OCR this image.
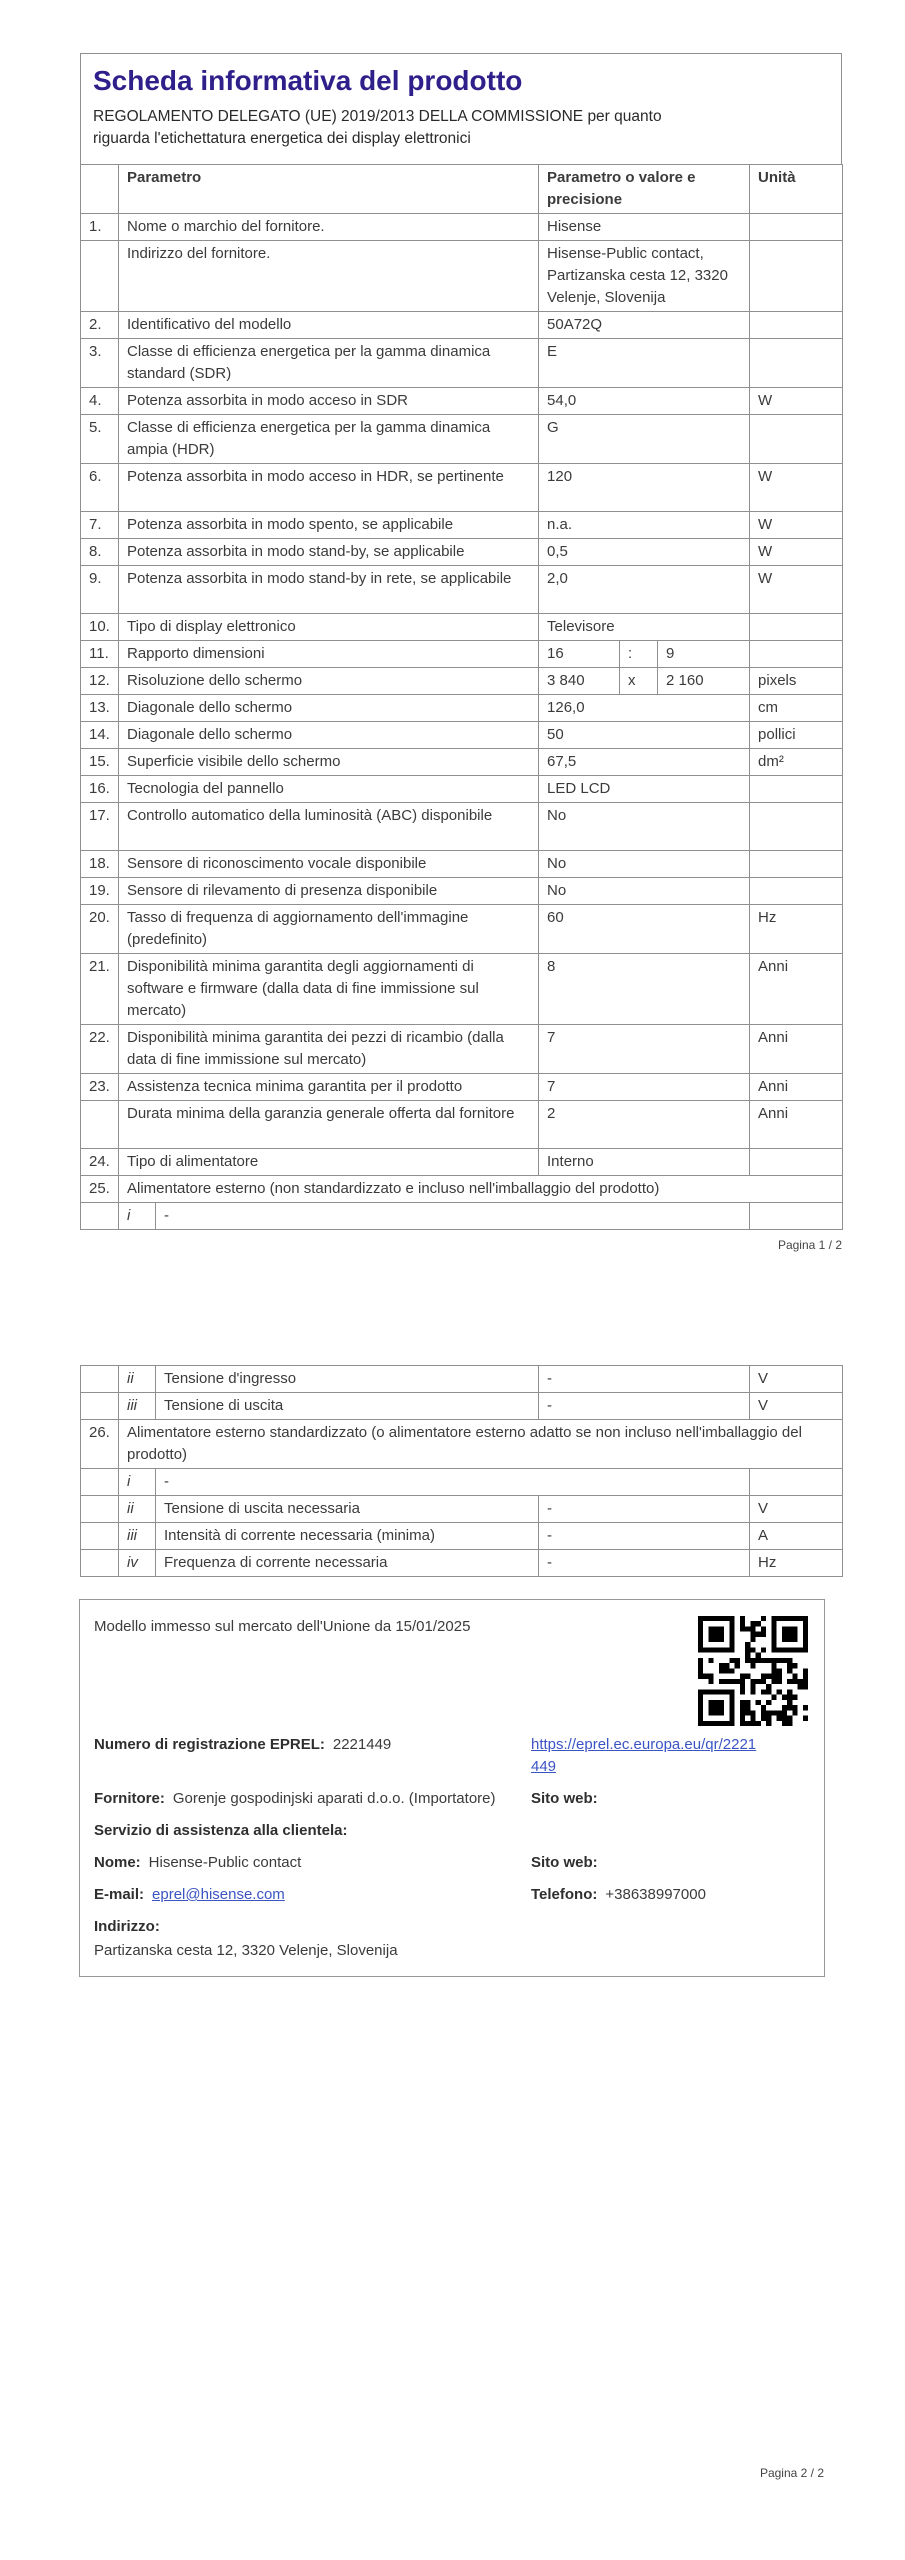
Scheda informativa del prodotto
REGOLAMENTO DELEGATO (UE) 2019/2013 DELLA COMMISSIONE per quanto riguarda l'etichettatura energetica dei display elettronici
	Parametro		Parametro o valore e precisione			Unità
1.	Nome o marchio del fornitore.		Hisense			
	Indirizzo del fornitore.		Hisense-Public contact, Partizanska cesta 12, 3320 Velenje, Slovenija			
2.	Identificativo del modello		50A72Q			
3.	Classe di efficienza energetica per la gamma dinamica standard (SDR)		E			
4.	Potenza assorbita in modo acceso in SDR		54,0			W
5.	Classe di efficienza energetica per la gamma dinamica ampia (HDR)		G			
6.	Potenza assorbita in modo acceso in HDR, se pertinente		120			W
7.	Potenza assorbita in modo spento, se applicabile		n.a.			W
8.	Potenza assorbita in modo stand-by, se applicabile		0,5			W
9.	Potenza assorbita in modo stand-by in rete, se applicabile		2,0			W
10.	Tipo di display elettronico		Televisore			
11.	Rapporto dimensioni		16	:	9	
12.	Risoluzione dello schermo		3 840	x	2 160	pixels
13.	Diagonale dello schermo		126,0			cm
14.	Diagonale dello schermo		50			pollici
15.	Superficie visibile dello schermo		67,5			dm²
16.	Tecnologia del pannello		LED LCD			
17.	Controllo automatico della luminosità (ABC) disponibile		No			
18.	Sensore di riconoscimento vocale disponibile		No			
19.	Sensore di rilevamento di presenza disponibile		No			
20.	Tasso di frequenza di aggiornamento dell'immagine (predefinito)		60			Hz
21.	Disponibilità minima garantita degli aggiornamenti di software e firmware (dalla data di fine immissione sul mercato)		8			Anni
22.	Disponibilità minima garantita dei pezzi di ricambio (dalla data di fine immissione sul mercato)		7			Anni
23.	Assistenza tecnica minima garantita per il prodotto		7			Anni
	Durata minima della garanzia generale offerta dal fornitore		2			Anni
24.	Tipo di alimentatore		Interno			
25.	Alimentatore esterno (non standardizzato e incluso nell'imballaggio del prodotto)					
	i	-				
Pagina 1 / 2
	ii	Tensione d'ingresso	-	V
	iii	Tensione di uscita	-	V
26.	Alimentatore esterno standardizzato (o alimentatore esterno adatto se non incluso nell'imballaggio del prodotto)			
	i	-		
	ii	Tensione di uscita necessaria	-	V
	iii	Intensità di corrente necessaria (minima)	-	A
	iv	Frequenza di corrente necessaria	-	Hz
Modello immesso sul mercato dell'Unione da 15/01/2025
Numero di registrazione EPREL: 2221449	https://eprel.ec.europa.eu/qr/2221449
Fornitore: Gorenje gospodinjski aparati d.o.o. (Importatore)	Sito web:
Servizio di assistenza alla clientela:
Nome: Hisense-Public contact	Sito web:
E-mail: eprel@hisense.com	Telefono: +38638997000
Indirizzo:
Partizanska cesta 12, 3320 Velenje, Slovenija
Pagina 2 / 2
